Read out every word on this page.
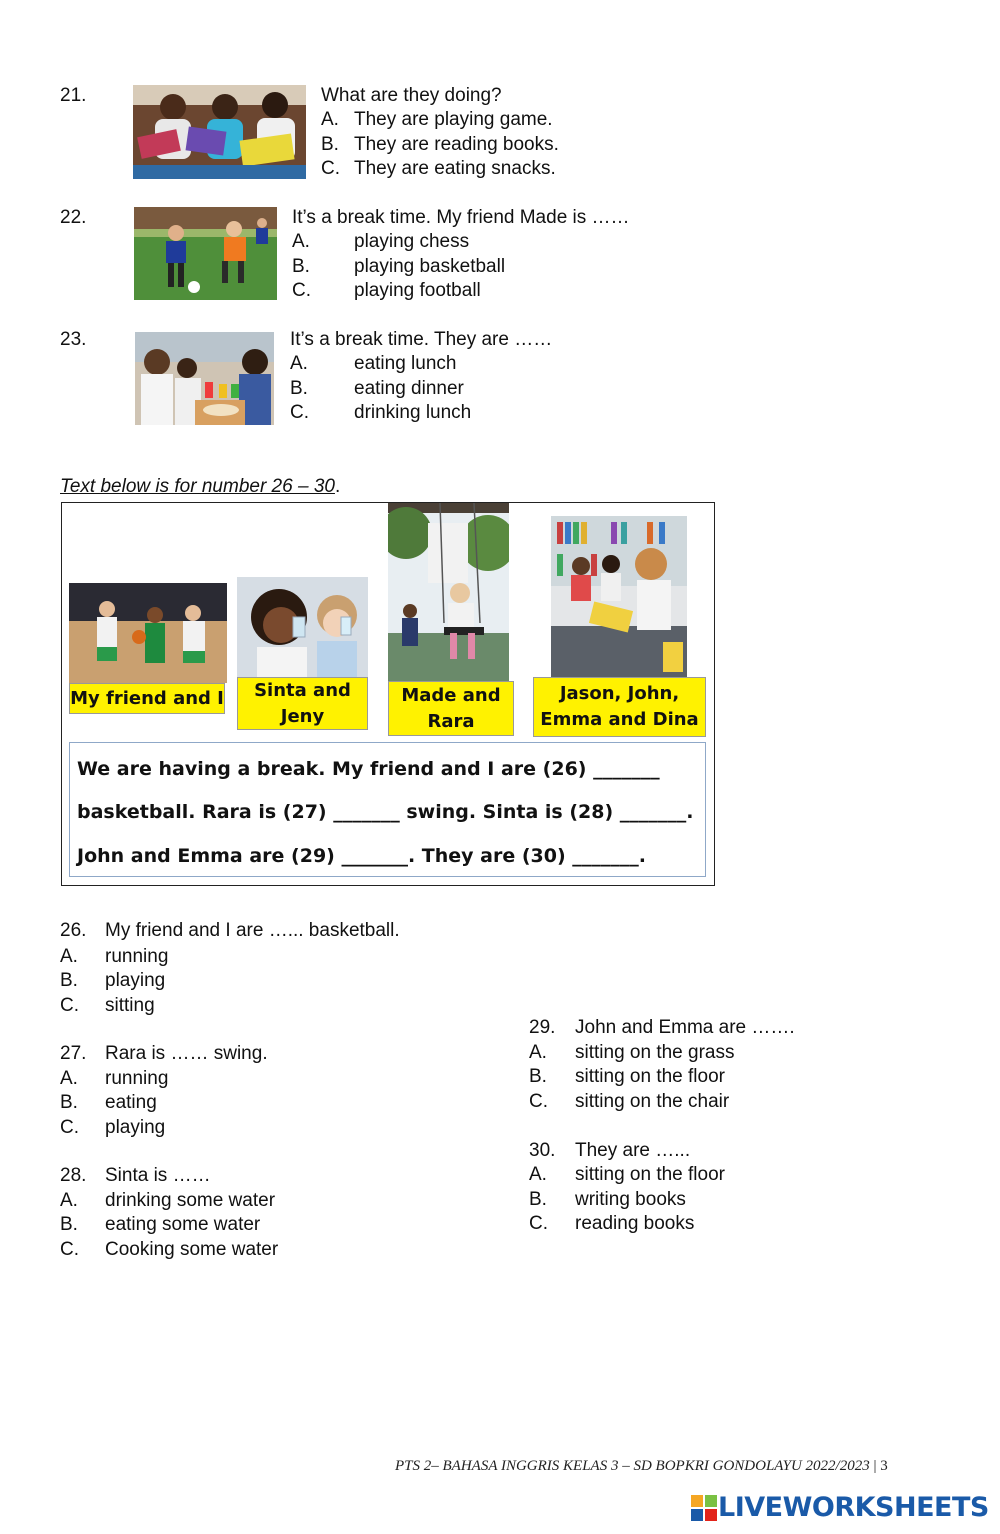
21.	What are they doing?
A. They are playing game.
B. They are reading books.
C. They are eating snacks.
22.	It’s a break time. My friend Made is ……
A. playing chess
B. playing basketball
C. playing football
23.	It’s a break time. They are ……
A. eating lunch
B. eating dinner
C. drinking lunch
Text below is for number 26 – 30.
My friend and I Sinta and
Jeny
Made and
Rara
Jason, John,
Emma and Dina
We are having a break. My friend and I are (26) _______
basketball. Rara is (27) _______ swing. Sinta is (28) _______.
John and Emma are (29) _______. They are (30) _______.
26. My friend and I are …... basketball.
A. running
B. playing
C. sitting
27. Rara is …… swing.
A. running
B. eating
C. playing
28. Sinta is ……
A. drinking some water
B. eating some water
C. Cooking some water
29. John and Emma are …….
A. sitting on the grass
B. sitting on the floor
C. sitting on the chair
30. They are …...
A. sitting on the floor
B. writing books
C. reading books
PTS 2– BAHASA INGGRIS KELAS 3 – SD BOPKRI GONDOLAYU 2022/2023 | 3
LIVEWORKSHEETS
